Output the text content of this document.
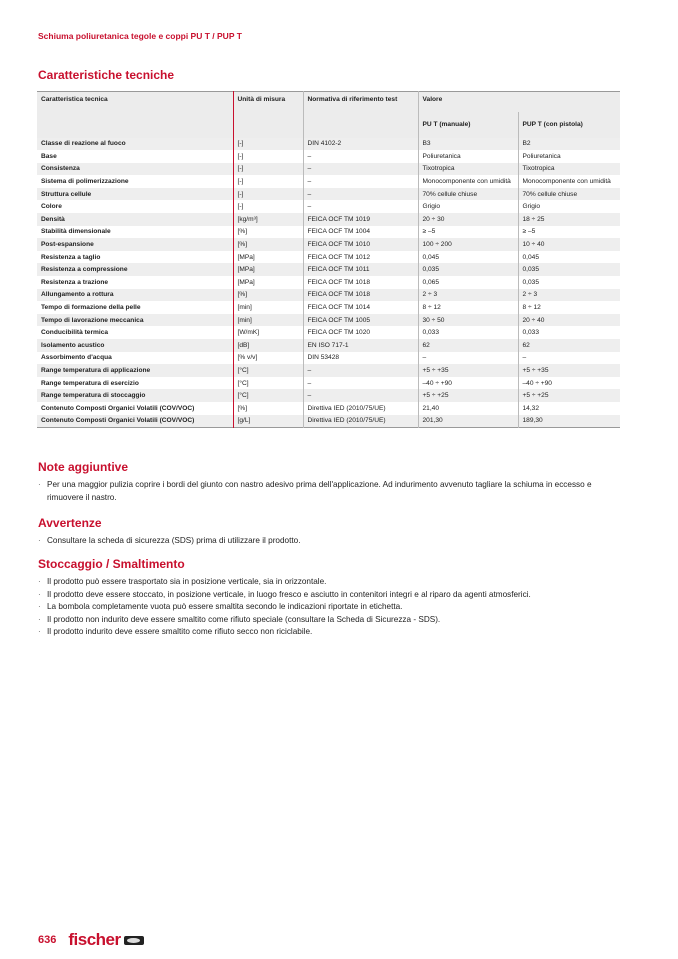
Schiuma poliuretanica tegole e coppi PU T / PUP T
Caratteristiche tecniche
Caratteristica tecnica	Unità di misura	Normativa di riferimento test	Valore	
			PU T (manuale)	PUP T (con pistola)
Classe di reazione al fuoco	[-]	DIN 4102-2	B3	B2
Base	[-]	–	Poliuretanica	Poliuretanica
Consistenza	[-]	–	Tixotropica	Tixotropica
Sistema di polimerizzazione	[-]	–	Monocomponente con umidità	Monocomponente con umidità
Struttura cellule	[-]	–	70% cellule chiuse	70% cellule chiuse
Colore	[-]	–	Grigio	Grigio
Densità	[kg/m³]	FEICA OCF TM 1019	20 ÷ 30	18 ÷ 25
Stabilità dimensionale	[%]	FEICA OCF TM 1004	≥ –5	≥ –5
Post-espansione	[%]	FEICA OCF TM 1010	100 ÷ 200	10 ÷ 40
Resistenza a taglio	[MPa]	FEICA OCF TM 1012	0,045	0,045
Resistenza a compressione	[MPa]	FEICA OCF TM 1011	0,035	0,035
Resistenza a trazione	[MPa]	FEICA OCF TM 1018	0,065	0,035
Allungamento a rottura	[%]	FEICA OCF TM 1018	2 ÷ 3	2 ÷ 3
Tempo di formazione della pelle	[min]	FEICA OCF TM 1014	8 ÷ 12	8 ÷ 12
Tempo di lavorazione meccanica	[min]	FEICA OCF TM 1005	30 ÷ 50	20 ÷ 40
Conducibilità termica	[W/mK]	FEICA OCF TM 1020	0,033	0,033
Isolamento acustico	[dB]	EN ISO 717-1	62	62
Assorbimento d'acqua	[% v/v]	DIN 53428	–	–
Range temperatura di applicazione	[°C]	–	+5 ÷ +35	+5 ÷ +35
Range temperatura di esercizio	[°C]	–	–40 ÷ +90	–40 ÷ +90
Range temperatura di stoccaggio	[°C]	–	+5 ÷ +25	+5 ÷ +25
Contenuto Composti Organici Volatili (COV/VOC)	[%]	Direttiva IED (2010/75/UE)	21,40	14,32
Contenuto Composti Organici Volatili (COV/VOC)	[g/L]	Direttiva IED (2010/75/UE)	201,30	189,30
Note aggiuntive
· Per una maggior pulizia coprire i bordi del giunto con nastro adesivo prima dell'applicazione. Ad indurimento avvenuto tagliare la schiuma in eccesso e rimuovere il nastro.
Avvertenze
· Consultare la scheda di sicurezza (SDS) prima di utilizzare il prodotto.
Stoccaggio / Smaltimento
· Il prodotto può essere trasportato sia in posizione verticale, sia in orizzontale.
· Il prodotto deve essere stoccato, in posizione verticale, in luogo fresco e asciutto in contenitori integri e al riparo da agenti atmosferici.
· La bombola completamente vuota può essere smaltita secondo le indicazioni riportate in etichetta.
· Il prodotto non indurito deve essere smaltito come rifiuto speciale (consultare la Scheda di Sicurezza - SDS).
· Il prodotto indurito deve essere smaltito come rifiuto secco non riciclabile.
636 fischer
